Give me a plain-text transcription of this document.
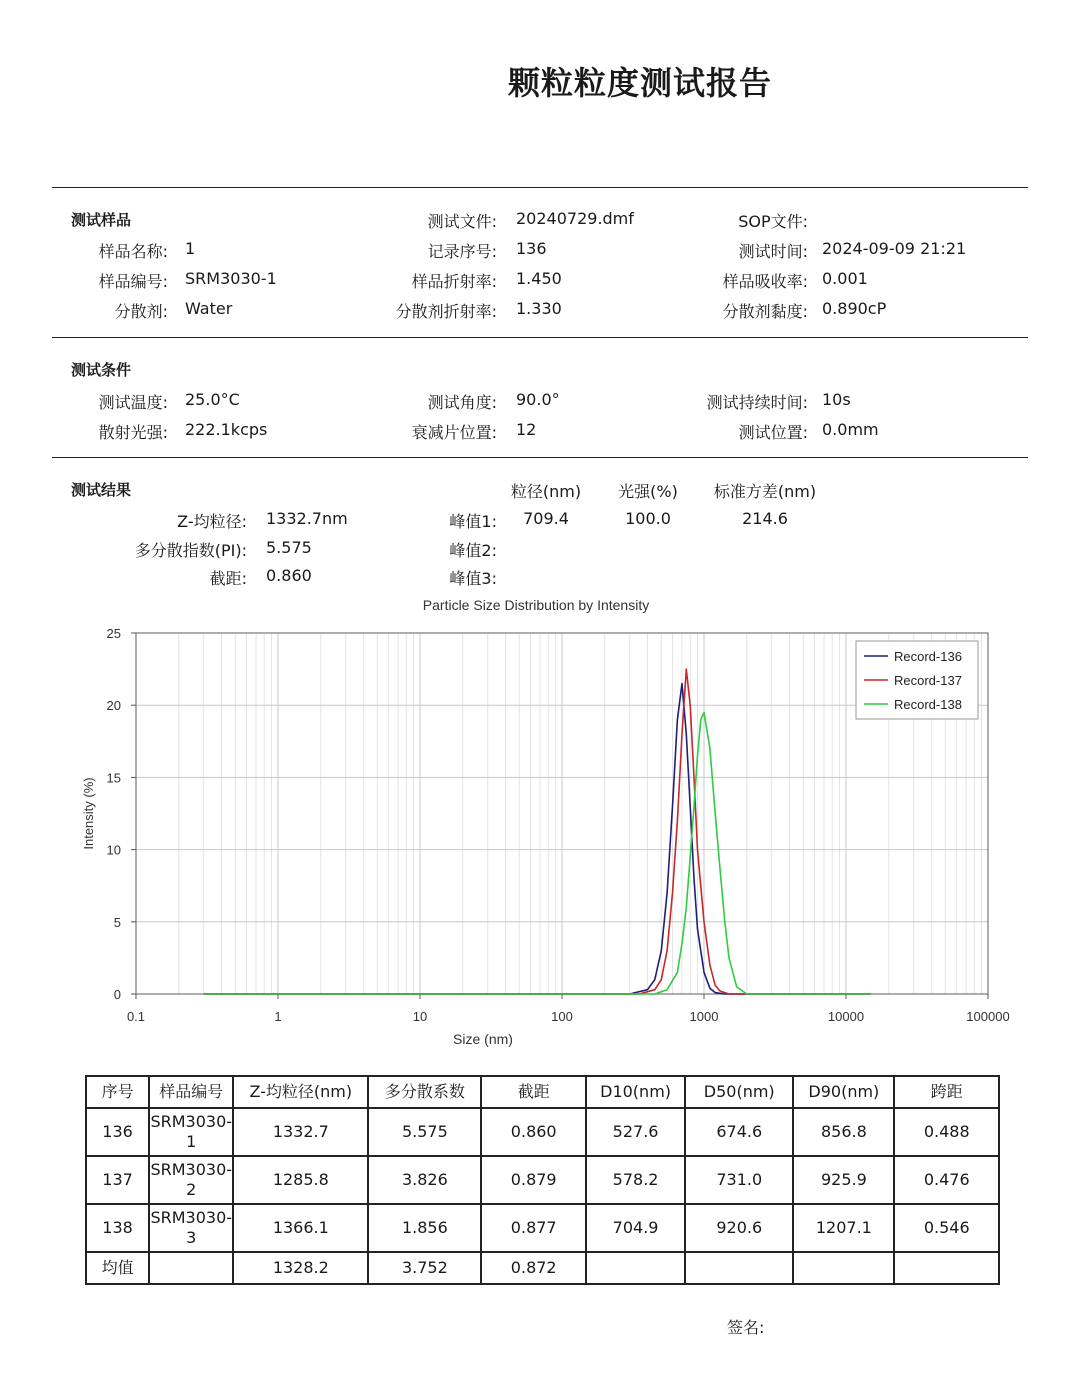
颗粒粒度测试报告
测试样品
样品名称: 1
样品编号: SRM3030-1
分散剂: Water
测试文件: 20240729.dmf
记录序号: 136
样品折射率: 1.450
分散剂折射率: 1.330
SOP文件:
测试时间: 2024-09-09 21:21
样品吸收率: 0.001
分散剂黏度: 0.890cP
测试条件
测试温度: 25.0°C
散射光强: 222.1kcps
测试角度: 90.0°
衰减片位置: 12
测试持续时间: 10s
测试位置: 0.0mm
测试结果
Z-均粒径: 1332.7nm
多分散指数(PI): 5.575
截距: 0.860
粒径(nm)	光强(%)	标准方差(nm)
峰值1:	709.4	100.0	214.6
峰值2:
峰值3:
0.1	1	10	100	1000	10000	100000
0
5
10
15
20
25
Particle Size Distribution by Intensity
Size (nm)
Intensity (%)
Record-136
Record-137
Record-138
序号	样品编号	Z-均粒径(nm)	多分散系数	截距	D10(nm)	D50(nm)	D90(nm)	跨距
136	SRM3030-1	1332.7	5.575	0.860	527.6	674.6	856.8	0.488
137	SRM3030-2	1285.8	3.826	0.879	578.2	731.0	925.9	0.476
138	SRM3030-3	1366.1	1.856	0.877	704.9	920.6	1207.1	0.546
均值		1328.2	3.752	0.872				
签名:
